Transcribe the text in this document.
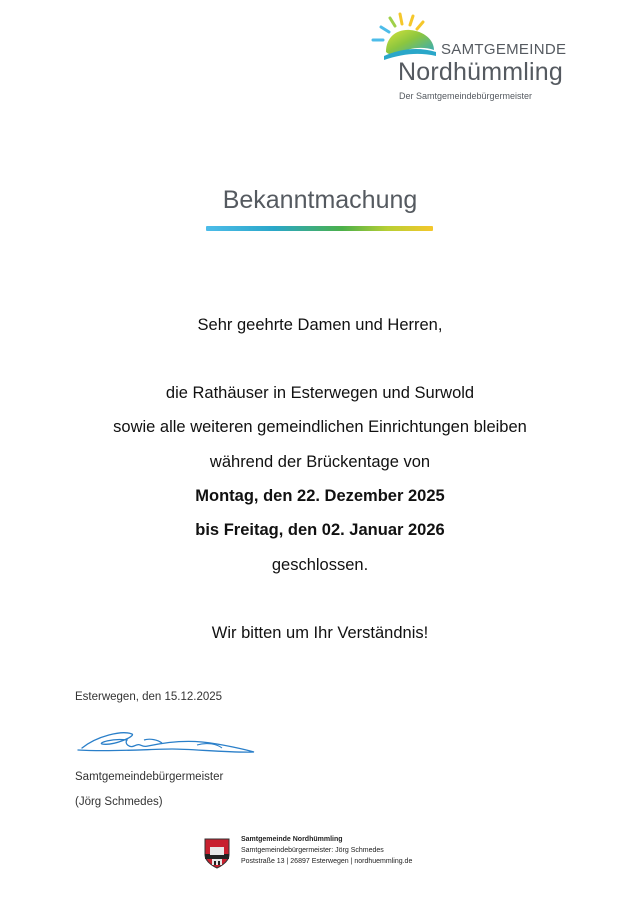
SAMTGEMEINDE
Nordhümmling
Der Samtgemeindebürgermeister
Bekanntmachung
Sehr geehrte Damen und Herren,
die Rathäuser in Esterwegen und Surwold
sowie alle weiteren gemeindlichen Einrichtungen bleiben
während der Brückentage von
Montag, den 22. Dezember 2025
bis Freitag, den 02. Januar 2026
geschlossen.
Wir bitten um Ihr Verständnis!
Esterwegen, den 15.12.2025
Samtgemeindebürgermeister
(Jörg Schmedes)
Samtgemeinde Nordhümmling
Samtgemeindebürgermeister: Jörg Schmedes
Poststraße 13 | 26897 Esterwegen | nordhuemmling.de
